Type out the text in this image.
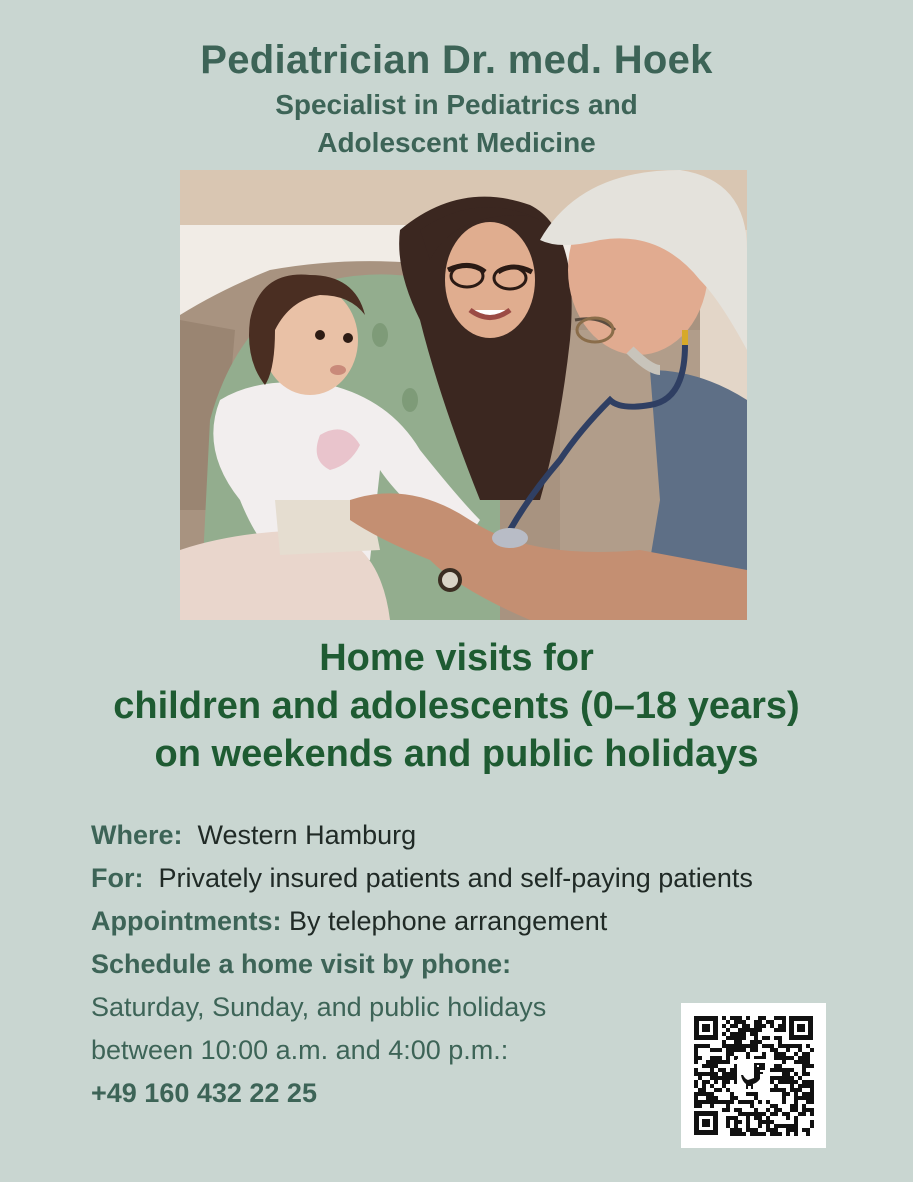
Pediatrician Dr. med. Hoek
Specialist in Pediatrics and
Adolescent Medicine
Home visits for
children and adolescents (0–18 years)
on weekends and public holidays
Where: Western Hamburg
For: Privately insured patients and self-paying patients
Appointments: By telephone arrangement
Schedule a home visit by phone:
Saturday, Sunday, and public holidays
between 10:00 a.m. and 4:00 p.m.:
+49 160 432 22 25
